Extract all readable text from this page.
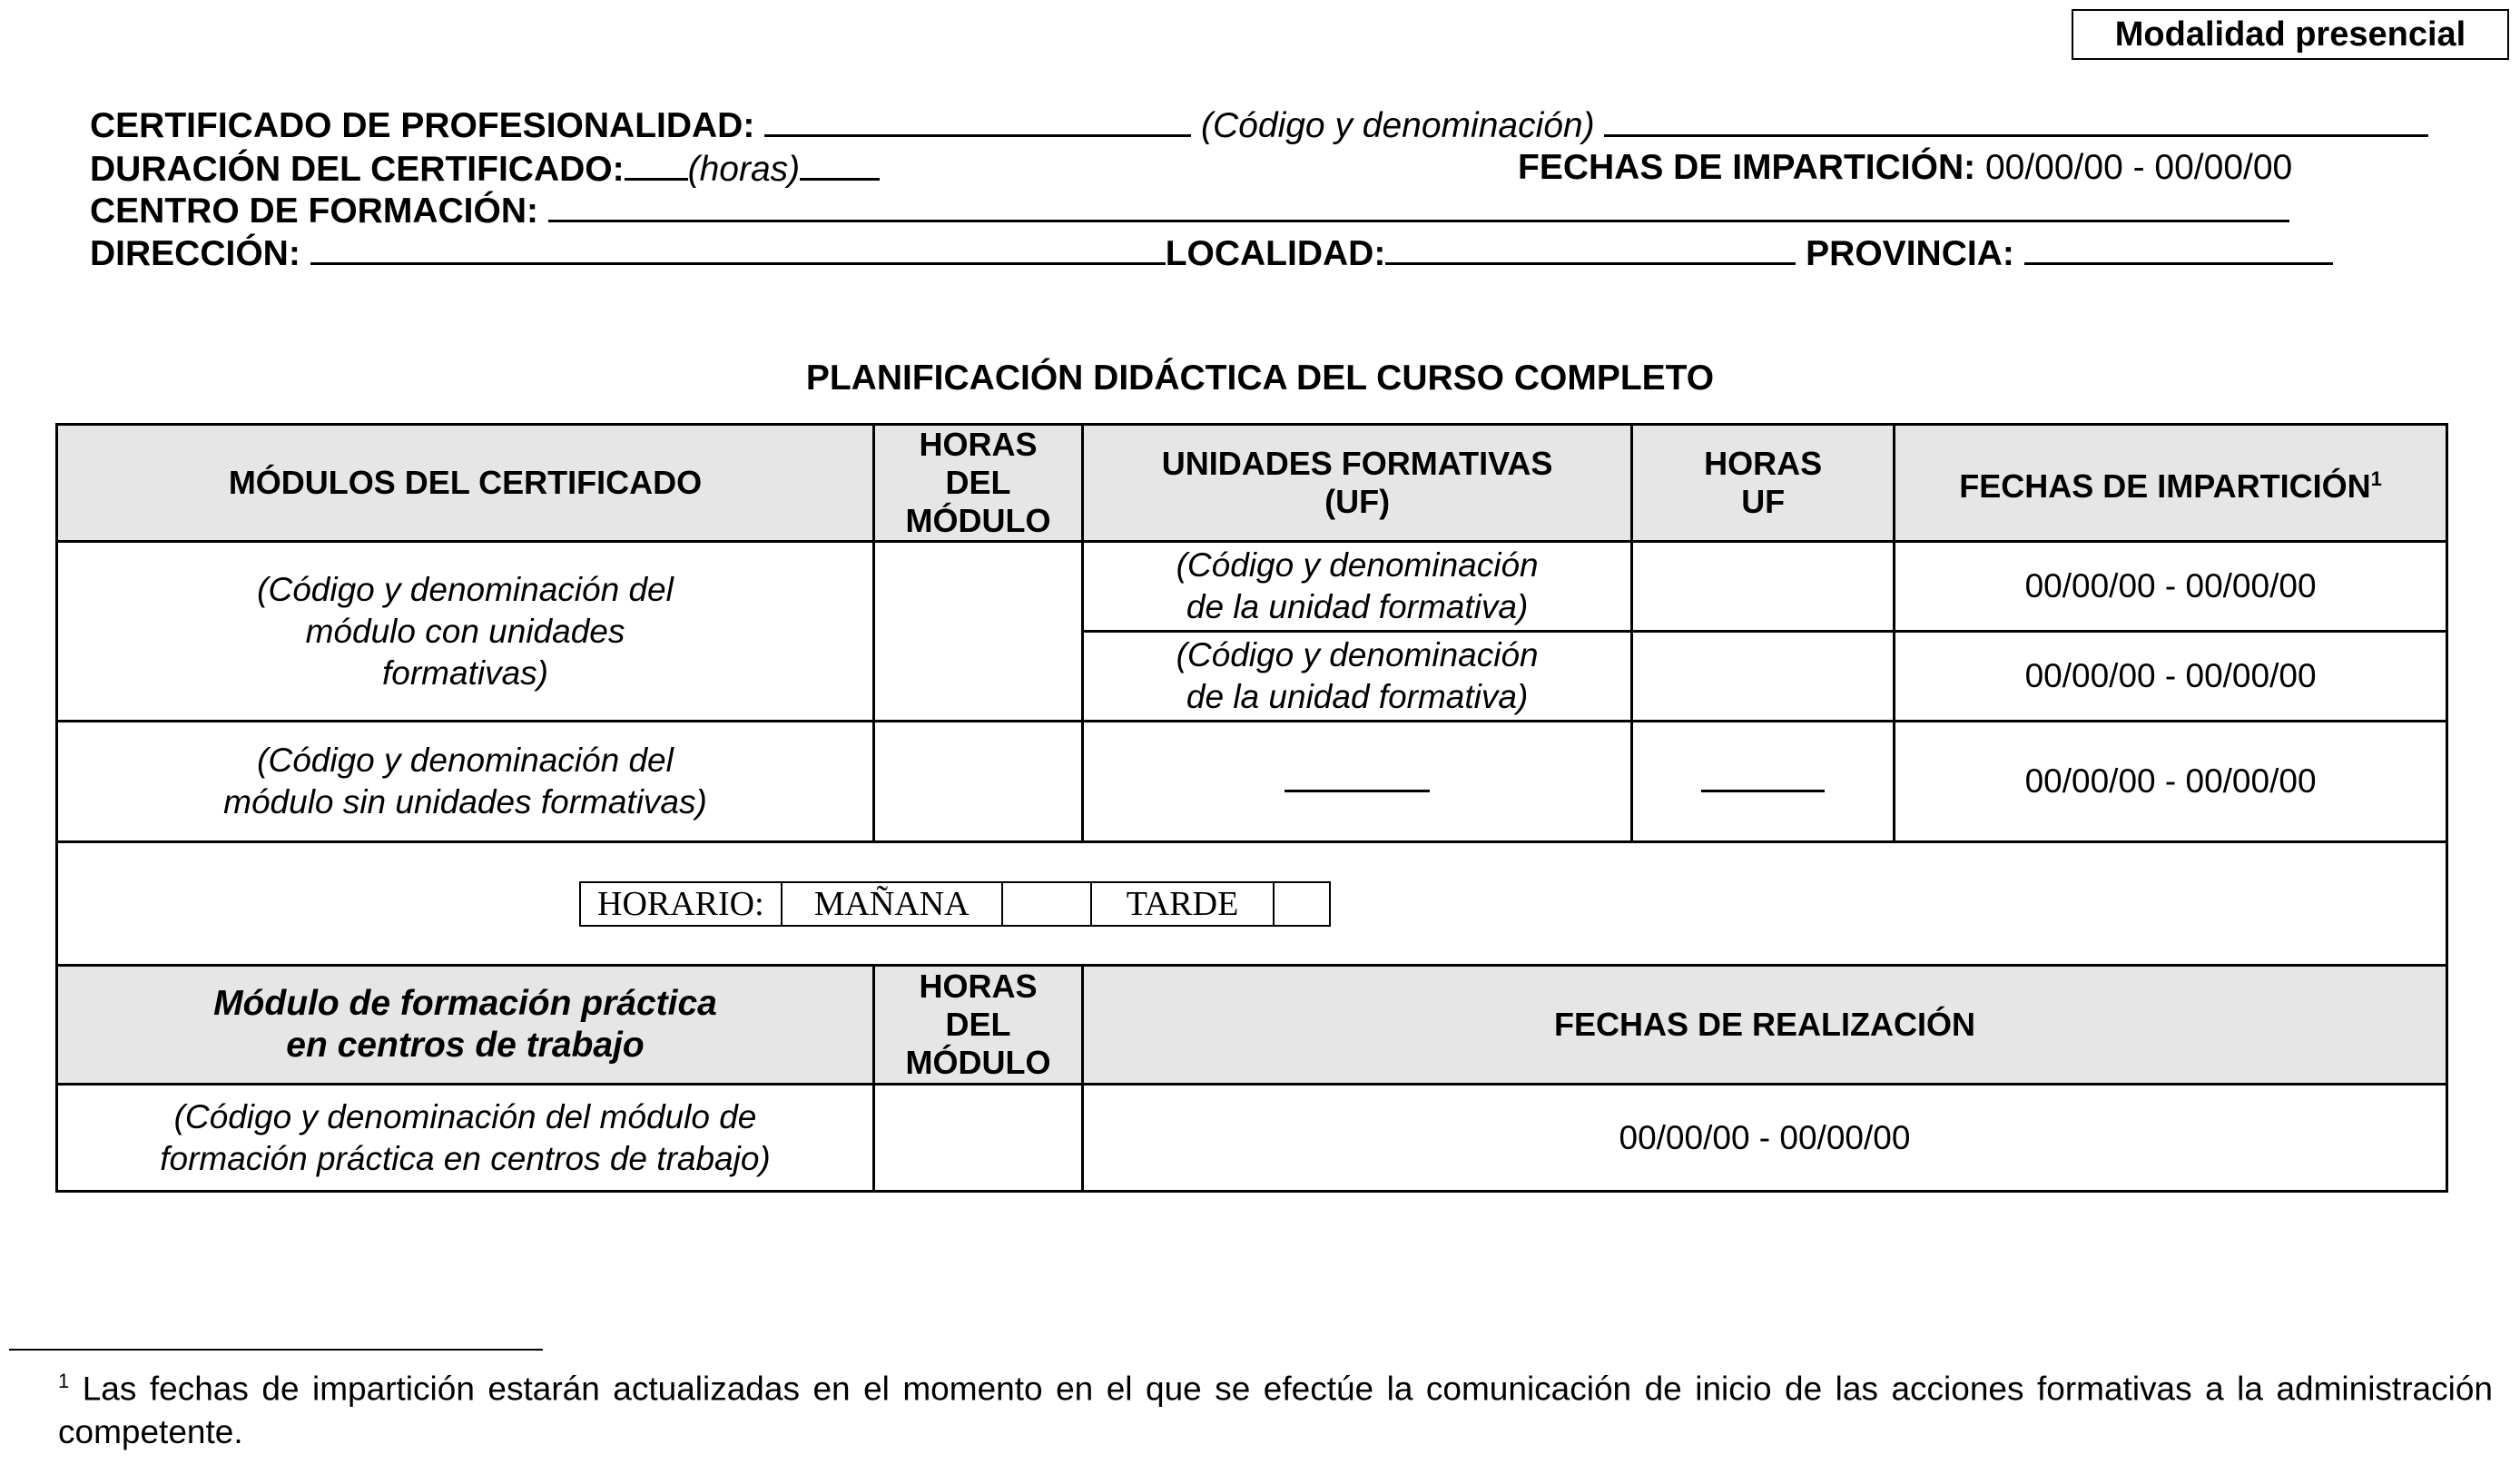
Modalidad presencial
CERTIFICADO DE PROFESIONALIDAD:	(Código y denominación)
DURACIÓN DEL CERTIFICADO: (horas)	FECHAS DE IMPARTICIÓN: 00/00/00 - 00/00/00
CENTRO DE FORMACIÓN:
DIRECCIÓN:	LOCALIDAD:	PROVINCIA:
PLANIFICACIÓN DIDÁCTICA DEL CURSO COMPLETO
MÓDULOS DEL CERTIFICADO	HORAS DEL MÓDULO	UNIDADES FORMATIVAS (UF)	HORAS UF	FECHAS DE IMPARTICIÓN$^1$
(Código y denominación del módulo con unidades formativas)		(Código y denominación de la unidad formativa)		00/00/00 - 00/00/00
		(Código y denominación de la unidad formativa)		00/00/00 - 00/00/00
(Código y denominación del módulo sin unidades formativas)				00/00/00 - 00/00/00

HORARIO: MAÑANA TARDE				

Módulo de formación práctica en centros de trabajo	HORAS DEL MÓDULO	FECHAS DE REALIZACIÓN		
(Código y denominación del módulo de formación práctica en centros de trabajo)		00/00/00 - 00/00/00		
$^1$ Las fechas de impartición estarán actualizadas en el momento en el que se efectúe la comunicación de inicio de las acciones formativas a la administración competente.
